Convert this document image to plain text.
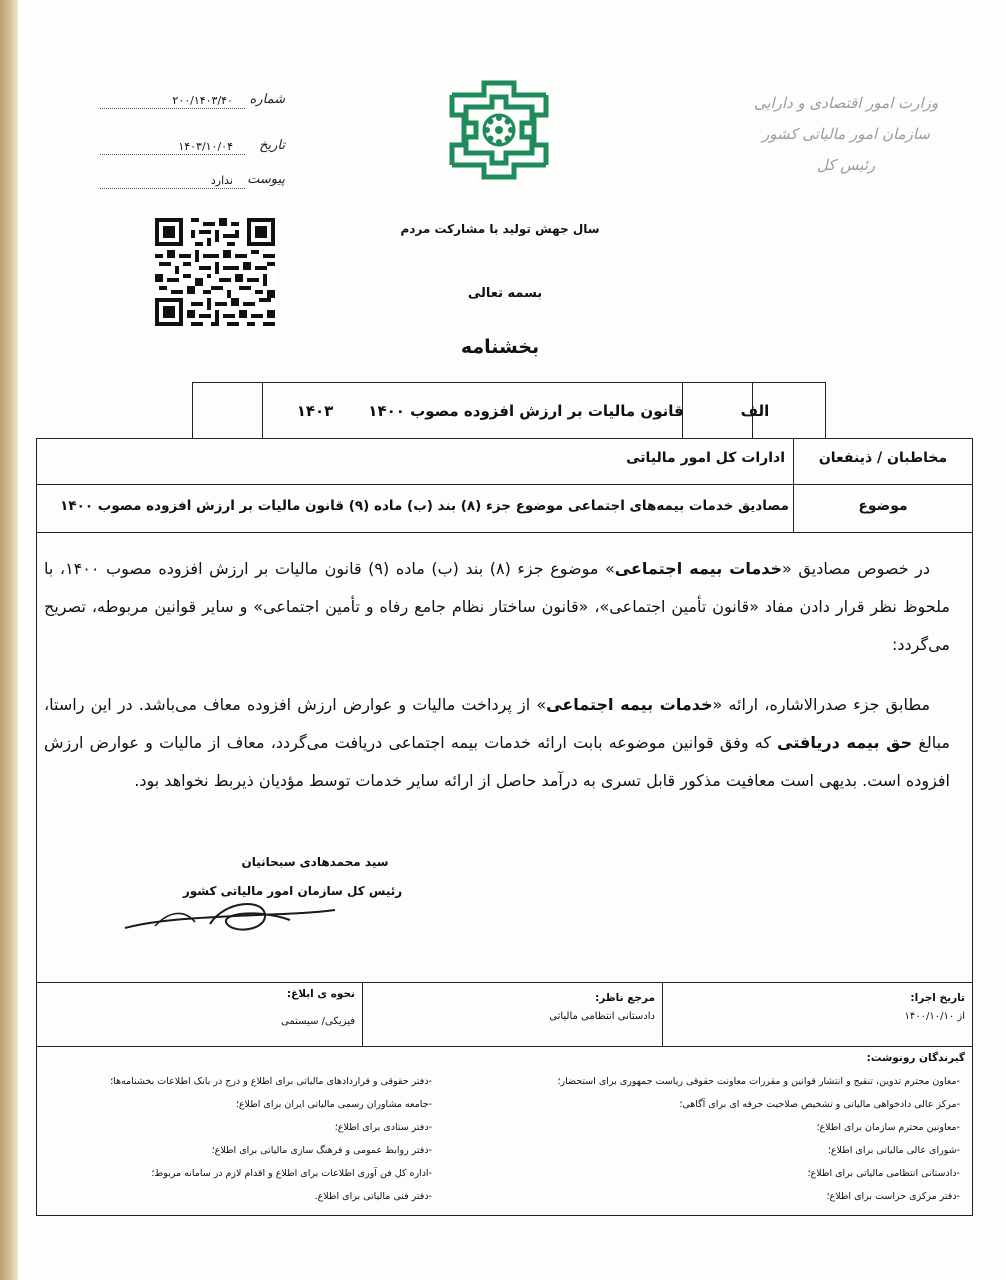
شماره
۲۰۰/۱۴۰۳/۴۰
تاریخ
۱۴۰۳/۱۰/۰۴
پیوست
ندارد
وزارت امور اقتصادی و دارایی
سازمان امور مالیاتی کشور
رئیس کل
سال جهش تولید با مشارکت مردم
بسمه تعالی
بخشنامه
۱۴۰۳	قانون مالیات بر ارزش افزوده مصوب ۱۴۰۰	الف
مخاطبان / ذینفعان
ادارات کل امور مالیاتی
موضوع
مصادیق خدمات بیمه‌های اجتماعی موضوع جزء (۸) بند (ب) ماده (۹) قانون مالیات بر ارزش افزوده مصوب ۱۴۰۰
در خصوص مصادیق «خدمات بیمه اجتماعی» موضوع جزء (۸) بند (ب) ماده (۹) قانون مالیات بر ارزش افزوده مصوب ۱۴۰۰، با ملحوظ نظر قرار دادن مفاد «قانون تأمین اجتماعی»، «قانون ساختار نظام جامع رفاه و تأمین اجتماعی» و سایر قوانین مربوطه، تصریح می‌گردد:
مطابق جزء صدرالاشاره، ارائه «خدمات بیمه اجتماعی» از پرداخت مالیات و عوارض ارزش افزوده معاف می‌باشد. در این راستا، مبالغ حق بیمه دریافتی که وفق قوانین موضوعه بابت ارائه خدمات بیمه اجتماعی دریافت می‌گردد، معاف از مالیات و عوارض ارزش افزوده است. بدیهی است معافیت مذکور قابل تسری به درآمد حاصل از ارائه سایر خدمات توسط مؤدیان ذیربط نخواهد بود.
سید محمدهادی سبحانیان
رئیس کل سازمان امور مالیاتی کشور
تاریخ اجرا:
از ۱۴۰۰/۱۰/۱۰
مرجع ناظر:
دادستانی انتظامی مالیاتی
نحوه ی ابلاغ:
فیزیکی/ سیستمی
گیرندگان رونوشت:
-معاون محترم تدوین، تنقیح و انتشار قوانین و مقررات معاونت حقوقی ریاست جمهوری برای استحضار؛
-مرکز عالی دادخواهی مالیاتی و تشخیص صلاحیت حرفه ای برای آگاهی؛
-معاونین محترم سازمان برای اطلاع؛
-شورای عالی مالیاتی برای اطلاع؛
-دادستانی انتظامی مالیاتی برای اطلاع؛
-دفتر مرکزی حراست برای اطلاع؛
-دفتر حقوقی و قراردادهای مالیاتی برای اطلاع و درج در بانک اطلاعات بخشنامه‌ها؛
-جامعه مشاوران رسمی مالیاتی ایران برای اطلاع؛
-دفتر ستادی برای اطلاع؛
-دفتر روابط عمومی و فرهنگ سازی مالیاتی برای اطلاع؛
-اداره کل فن آوری اطلاعات برای اطلاع و اقدام لازم در سامانه مربوط؛
-دفتر فنی مالیاتی برای اطلاع.
